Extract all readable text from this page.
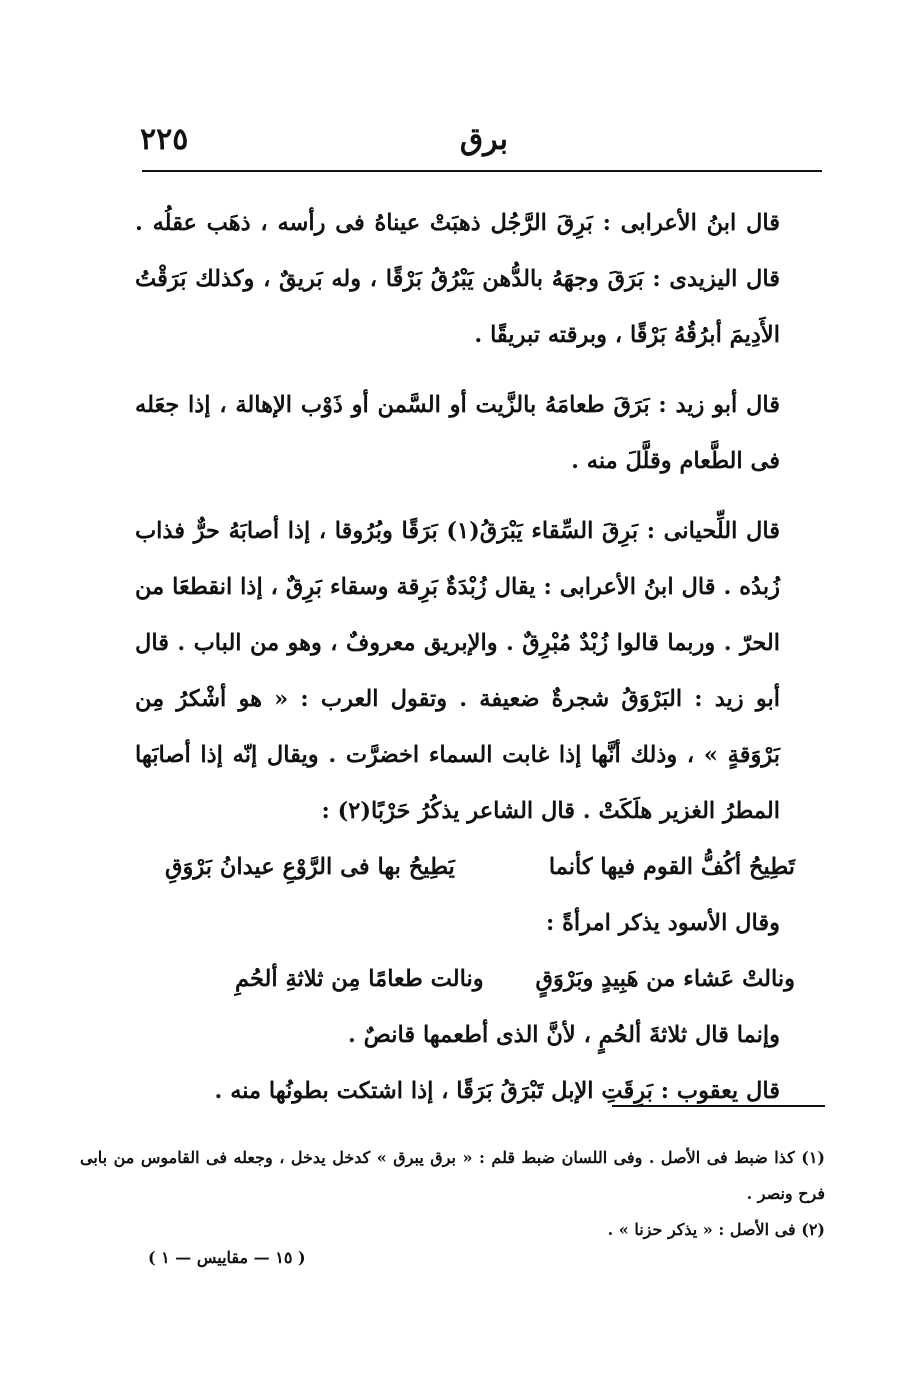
برق
٢٢٥

قال ابنُ الأعرابى : بَرِقَ الرَّجُل ذهبَتْ عيناهُ فى رأسه ، ذهَب عقلُه . قال اليزيدى : بَرَقَ وجهَهُ بالدُّهن يَبْرُقُ بَرْقًا ، وله بَريقٌ ، وكذلك بَرَقْتُ الأَدِيمَ أبرُقُهُ بَرْقًا ، وبرقته تبريقًا .

قال أبو زيد : بَرَقَ طعامَهُ بالزَّيت أو السَّمن أو ذَوْب الإهالة ، إذا جعَله فى الطَّعام وقلَّلَ منه .

قال اللِّحيانى : بَرِقَ السِّقاء يَبْرَقُ(١) بَرَقًا وبُرُوقا ، إذا أصابَهُ حرٌّ فذاب زُبدُه . قال ابنُ الأعرابى : يقال زُبْدَةٌ بَرِقة وسقاء بَرِقٌ ، إذا انقطعَا من الحرّ . وربما قالوا زُبْدٌ مُبْرِقٌ . والإبريق معروفٌ ، وهو من الباب . قال أبو زيد : البَرْوَقُ شجرةٌ ضعيفة . وتقول العرب : « هو أشْكرُ مِن بَرْوَقةٍ » ، وذلك أنَّها إذا غابت السماء اخضرَّت . ويقال إنّه إذا أصابَها المطرُ الغزير هلَكَتْ . قال الشاعر يذكُرُ حَرْبًا(٢) :

تَطِيحُ أكُفُّ القوم فيها كأنما
يَطِيحُ بها فى الرَّوْعِ عيدانُ بَرْوَقِ

وقال الأسود يذكر امرأةً :

ونالتْ عَشاء من هَبِيدٍ وبَرْوَقٍ
ونالت طعامًا مِن ثلاثةِ ألحُمِ

وإنما قال ثلاثةَ ألحُمٍ ، لأنَّ الذى أطعمها قانصٌ .

قال يعقوب : بَرِقَتِ الإبل تَبْرَقُ بَرَقًا ، إذا اشتكت بطونُها منه .

(١) كذا ضبط فى الأصل . وفى اللسان ضبط قلم : « برق يبرق » كدخل يدخل ، وجعله فى القاموس من بابى فرح ونصر .

(٢) فى الأصل : « يذكر حزنا » .

( ١٥ — مقاييس — ١ )
